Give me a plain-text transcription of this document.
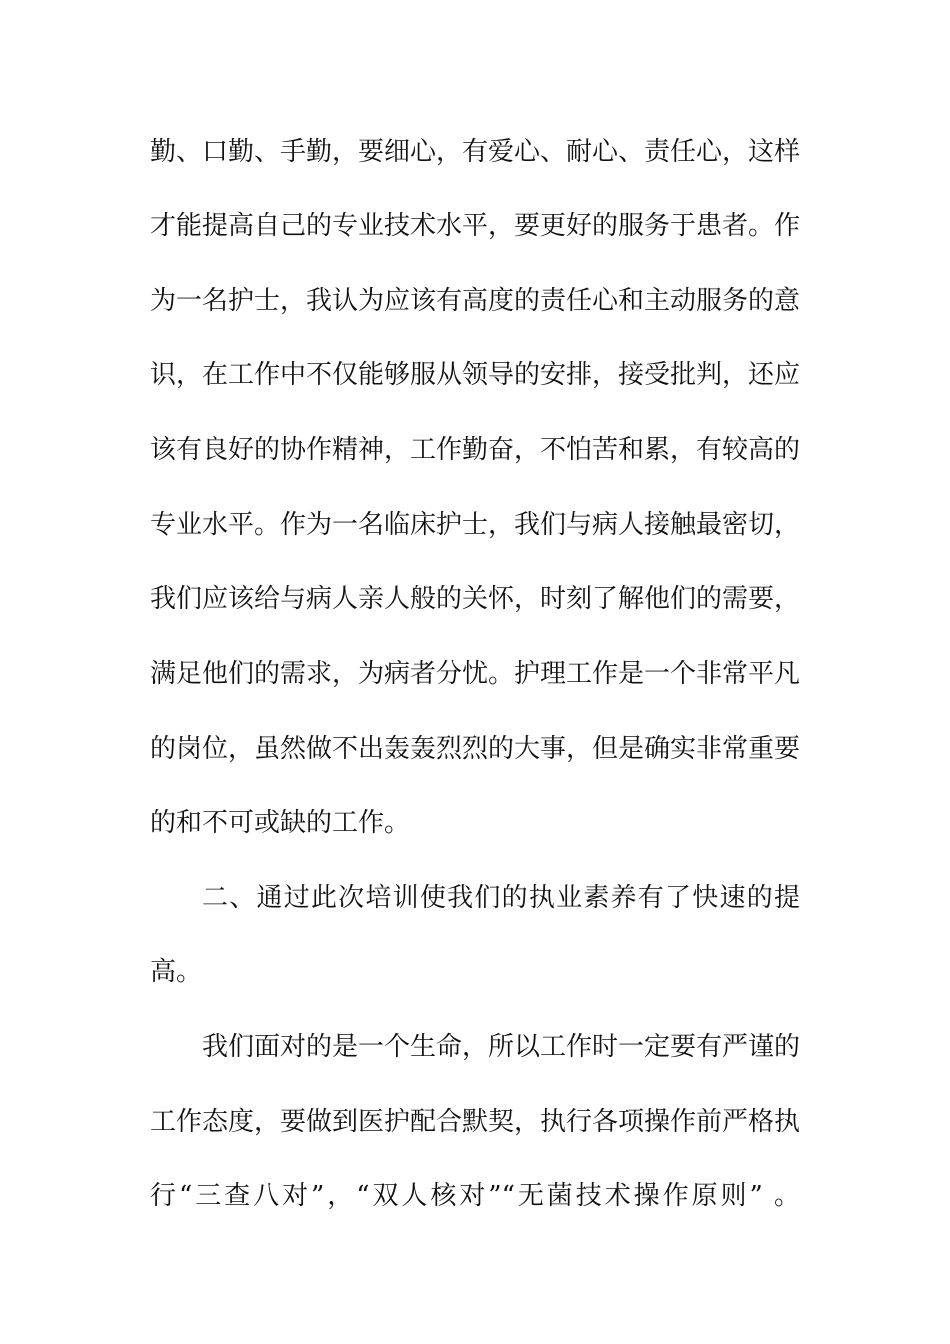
勤、口勤、手勤，要细心，有爱心、耐心、责任心，这样
才能提高自己的专业技术水平，要更好的服务于患者。作
为一名护士，我认为应该有高度的责任心和主动服务的意
识，在工作中不仅能够服从领导的安排，接受批判，还应
该有良好的协作精神，工作勤奋，不怕苦和累，有较高的
专业水平。作为一名临床护士，我们与病人接触最密切，
我们应该给与病人亲人般的关怀，时刻了解他们的需要，
满足他们的需求，为病者分忧。护理工作是一个非常平凡
的岗位，虽然做不出轰轰烈烈的大事，但是确实非常重要
的和不可或缺的工作。
二、通过此次培训使我们的执业素养有了快速的提
高。
我们面对的是一个生命，所以工作时一定要有严谨的
工作态度，要做到医护配合默契，执行各项操作前严格执
行“三查八对”，“双人核对”“无菌技术操作原则” 。
